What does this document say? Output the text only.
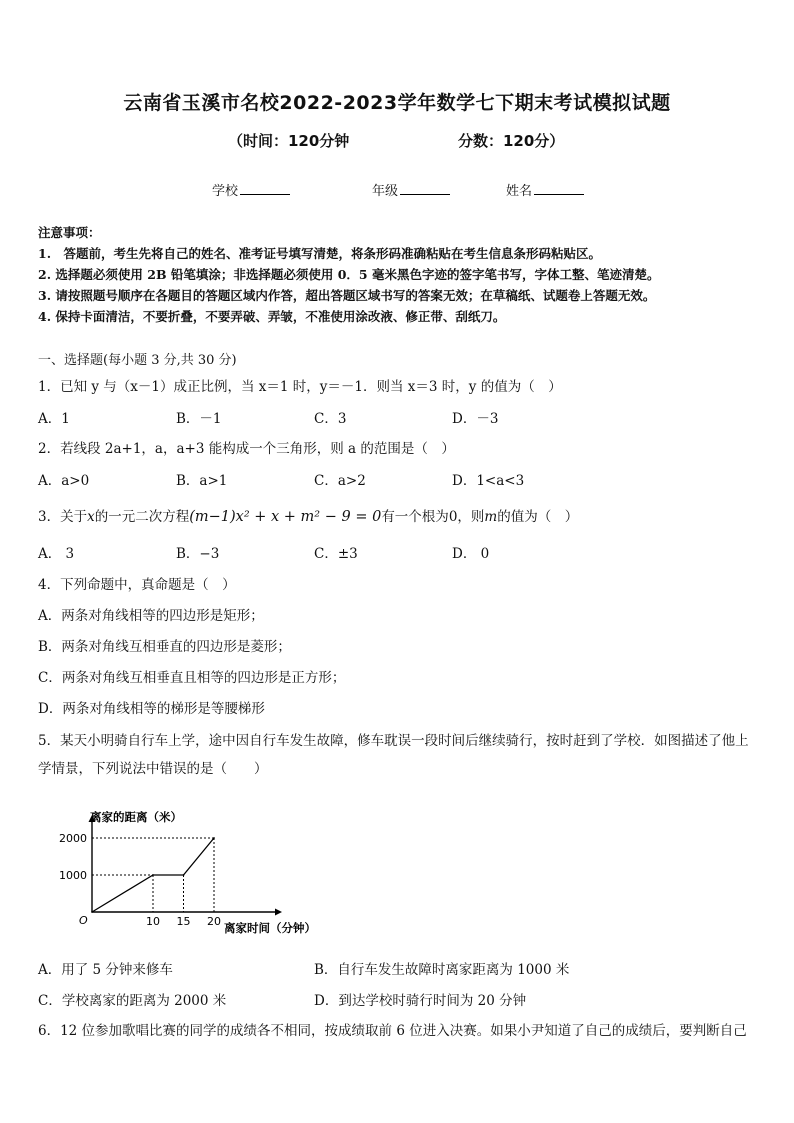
云南省玉溪市名校2022-2023学年数学七下期末考试模拟试题
（时间：120分钟	分数：120分）
学校	年级	姓名
注意事项：
1.　答题前，考生先将自己的姓名、准考证号填写清楚，将条形码准确粘贴在考生信息条形码粘贴区。
2. 选择题必须使用 2B 铅笔填涂；非选择题必须使用 0．5 毫米黑色字迹的签字笔书写，字体工整、笔迹清楚。
3. 请按照题号顺序在各题目的答题区域内作答，超出答题区域书写的答案无效；在草稿纸、试题卷上答题无效。
4. 保持卡面清洁，不要折叠，不要弄破、弄皱，不准使用涂改液、修正带、刮纸刀。
一、选择题(每小题 3 分,共 30 分)
1．已知 y 与（x－1）成正比例，当 x＝1 时，y＝－1．则当 x＝3 时，y 的值为（　）
A．1	B．－1	C．3	D．－3
2．若线段 2a+1，a，a+3 能构成一个三角形，则 a 的范围是（　）
A．a>0	B．a>1	C．a>2	D．1<a<3
3．关于x的一元二次方程(m−1)x² + x + m² − 9 = 0有一个根为0，则m的值为（　）
A． 3	B．−3	C．±3	D． 0
4．下列命题中，真命题是（　）
A．两条对角线相等的四边形是矩形；
B．两条对角线互相垂直的四边形是菱形；
C．两条对角线互相垂直且相等的四边形是正方形；
D．两条对角线相等的梯形是等腰梯形
5．某天小明骑自行车上学，途中因自行车发生故障，修车耽误一段时间后继续骑行，按时赶到了学校．如图描述了他上学情景，下列说法中错误的是（　　）
离家的距离（米）
离家时间（分钟）
O	10 15 20
1000
2000
A．用了 5 分钟来修车	B．自行车发生故障时离家距离为 1000 米
C．学校离家的距离为 2000 米	D．到达学校时骑行时间为 20 分钟
6．12 位参加歌唱比赛的同学的成绩各不相同，按成绩取前 6 位进入决赛。如果小尹知道了自己的成绩后，要判断自己
